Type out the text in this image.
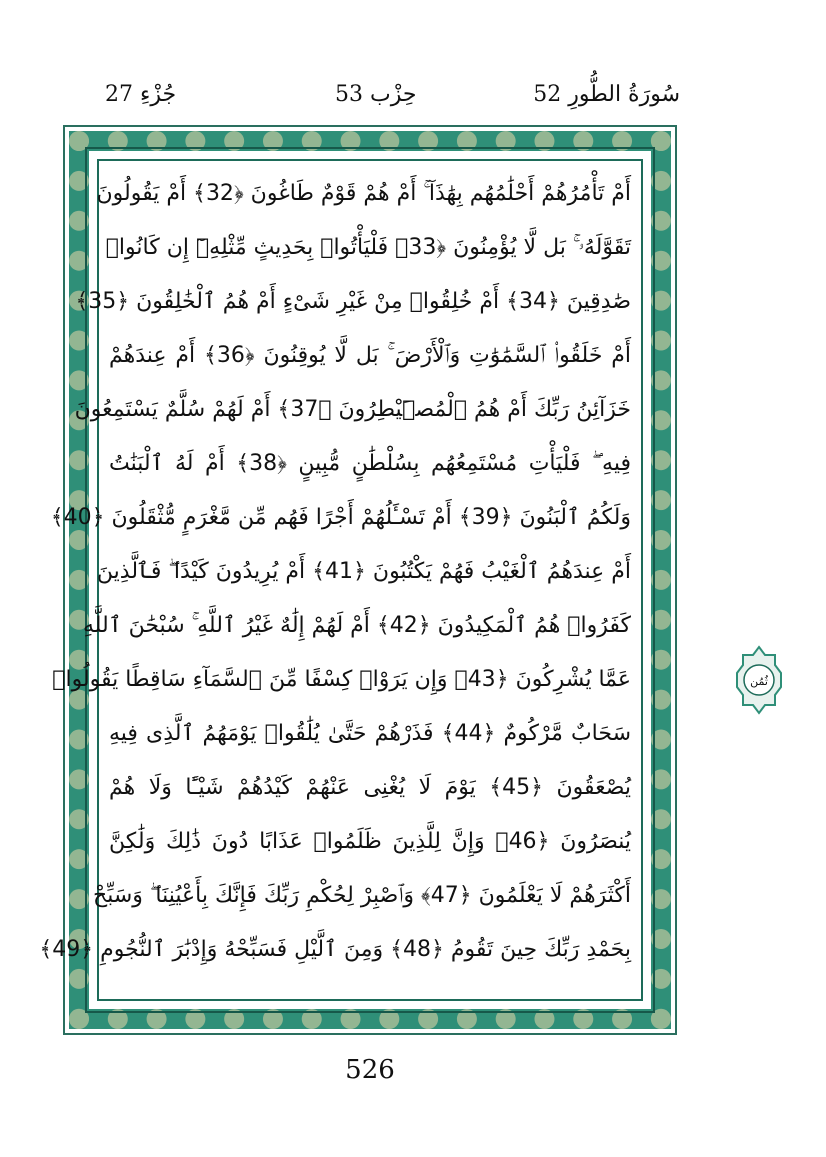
جُزْءِ 27	حِزْب 53	52 سُورَةُ الطُّورِ
أَمْ تَأْمُرُهُمْ أَحْلَٰمُهُم بِهَٰذَآ ۚ أَمْ هُمْ قَوْمٌ طَاغُونَ ﴿32﴾ أَمْ يَقُولُونَ
تَقَوَّلَهُۥ ۚ بَل لَّا يُؤْمِنُونَ ﴿33﴾ فَلْيَأْتُوا۟ بِحَدِيثٍ مِّثْلِهِۦٓ إِن كَانُوا۟
صَٰدِقِينَ ﴿34﴾ أَمْ خُلِقُوا۟ مِنْ غَيْرِ شَىْءٍ أَمْ هُمُ ٱلْخَٰلِقُونَ ﴿35﴾
أَمْ خَلَقُوا۟ ٱلسَّمَٰوَٰتِ وَٱلْأَرْضَ ۚ بَل لَّا يُوقِنُونَ ﴿36﴾ أَمْ عِندَهُمْ
خَزَآئِنُ رَبِّكَ أَمْ هُمُ ٱلْمُصَۣيْطِرُونَ ﴿37﴾ أَمْ لَهُمْ سُلَّمٌ يَسْتَمِعُونَ
فِيهِ ۖ فَلْيَأْتِ مُسْتَمِعُهُم بِسُلْطَٰنٍ مُّبِينٍ ﴿38﴾ أَمْ لَهُ ٱلْبَنَٰتُ
وَلَكُمُ ٱلْبَنُونَ ﴿39﴾ أَمْ تَسْـَٔلُهُمْ أَجْرًا فَهُم مِّن مَّغْرَمٍ مُّثْقَلُونَ ﴿40﴾
أَمْ عِندَهُمُ ٱلْغَيْبُ فَهُمْ يَكْتُبُونَ ﴿41﴾ أَمْ يُرِيدُونَ كَيْدًا ۖ فَٱلَّذِينَ
كَفَرُوا۟ هُمُ ٱلْمَكِيدُونَ ﴿42﴾ أَمْ لَهُمْ إِلَٰهٌ غَيْرُ ٱللَّهِ ۚ سُبْحَٰنَ ٱللَّهِ
عَمَّا يُشْرِكُونَ ﴿43﴾ وَإِن يَرَوْا۟ كِسْفًا مِّنَ ٱلسَّمَآءِ سَاقِطًا يَقُولُوا۟
سَحَابٌ مَّرْكُومٌ ﴿44﴾ فَذَرْهُمْ حَتَّىٰ يُلَٰقُوا۟ يَوْمَهُمُ ٱلَّذِى فِيهِ
يُصْعَقُونَ ﴿45﴾ يَوْمَ لَا يُغْنِى عَنْهُمْ كَيْدُهُمْ شَيْـًٔا وَلَا هُمْ
يُنصَرُونَ ﴿46﴾ وَإِنَّ لِلَّذِينَ ظَلَمُوا۟ عَذَابًا دُونَ ذَٰلِكَ وَلَٰكِنَّ
أَكْثَرَهُمْ لَا يَعْلَمُونَ ﴿47﴾ وَٱصْبِرْ لِحُكْمِ رَبِّكَ فَإِنَّكَ بِأَعْيُنِنَا ۖ وَسَبِّحْ
بِحَمْدِ رَبِّكَ حِينَ تَقُومُ ﴿48﴾ وَمِنَ ٱلَّيْلِ فَسَبِّحْهُ وَإِدْبَٰرَ ٱلنُّجُومِ ﴿49﴾
ثُمُن
526
